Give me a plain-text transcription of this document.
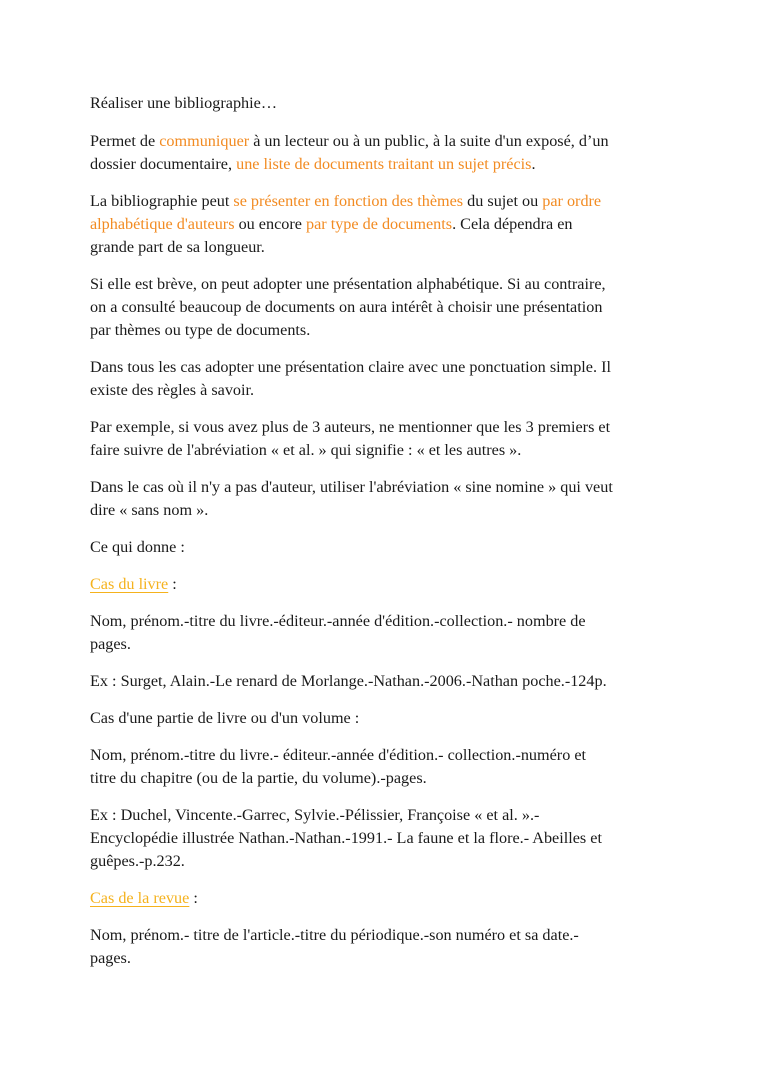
Réaliser une bibliographie…
Permet de communiquer à un lecteur ou à un public, à la suite d'un exposé, d’un
dossier documentaire, une liste de documents traitant un sujet précis.
La bibliographie peut se présenter en fonction des thèmes du sujet ou par ordre
alphabétique d'auteurs ou encore par type de documents. Cela dépendra en
grande part de sa longueur.
Si elle est brève, on peut adopter une présentation alphabétique. Si au contraire,
on a consulté beaucoup de documents on aura intérêt à choisir une présentation
par thèmes ou type de documents.
Dans tous les cas adopter une présentation claire avec une ponctuation simple. Il
existe des règles à savoir.
Par exemple, si vous avez plus de 3 auteurs, ne mentionner que les 3 premiers et
faire suivre de l'abréviation « et al. » qui signifie : « et les autres ».
Dans le cas où il n'y a pas d'auteur, utiliser l'abréviation « sine nomine » qui veut
dire « sans nom ».
Ce qui donne :
Cas du livre :
Nom, prénom.-titre du livre.-éditeur.-année d'édition.-collection.- nombre de
pages.
Ex : Surget, Alain.-Le renard de Morlange.-Nathan.-2006.-Nathan poche.-124p.
Cas d'une partie de livre ou d'un volume :
Nom, prénom.-titre du livre.- éditeur.-année d'édition.- collection.-numéro et
titre du chapitre (ou de la partie, du volume).-pages.
Ex : Duchel, Vincente.-Garrec, Sylvie.-Pélissier, Françoise « et al. ».-
Encyclopédie illustrée Nathan.-Nathan.-1991.- La faune et la flore.- Abeilles et
guêpes.-p.232.
Cas de la revue :
Nom, prénom.- titre de l'article.-titre du périodique.-son numéro et sa date.-
pages.
